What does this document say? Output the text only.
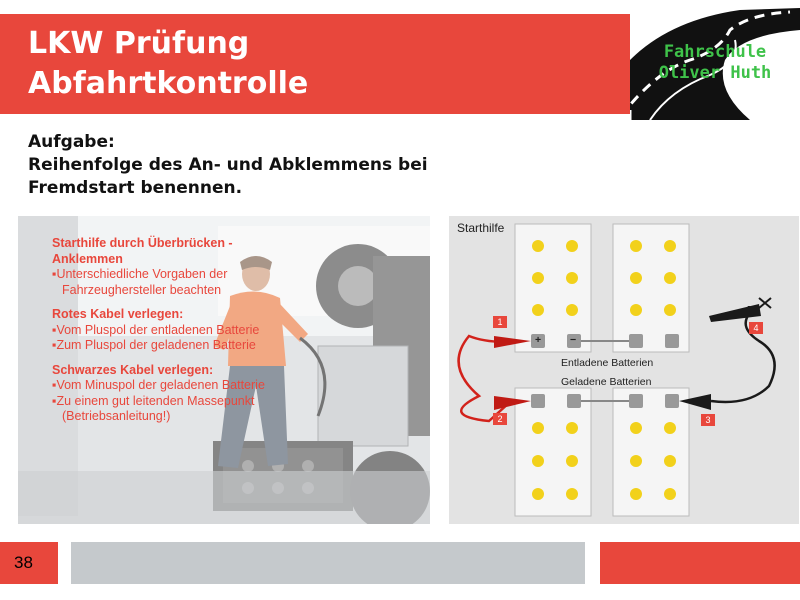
LKW Prüfung
Abfahrtkontrolle
Fahrschule
Oliver Huth
Aufgabe:
Reihenfolge des An- und Abklemmens bei
Fremdstart benennen.
Starthilfe durch Überbrücken -
Anklemmen
▪ Unterschiedliche Vorgaben der Fahrzeughersteller beachten
Rotes Kabel verlegen:
▪ Vom Pluspol der entladenen Batterie
▪ Zum Pluspol der geladenen Batterie
Schwarzes Kabel verlegen:
▪ Vom Minuspol der geladenen Batterie
▪ Zu einem gut leitenden Massepunkt (Betriebsanleitung!)
Starthilfe
Entladene Batterien
Geladene Batterien
1
2	3
4
+	−
38
